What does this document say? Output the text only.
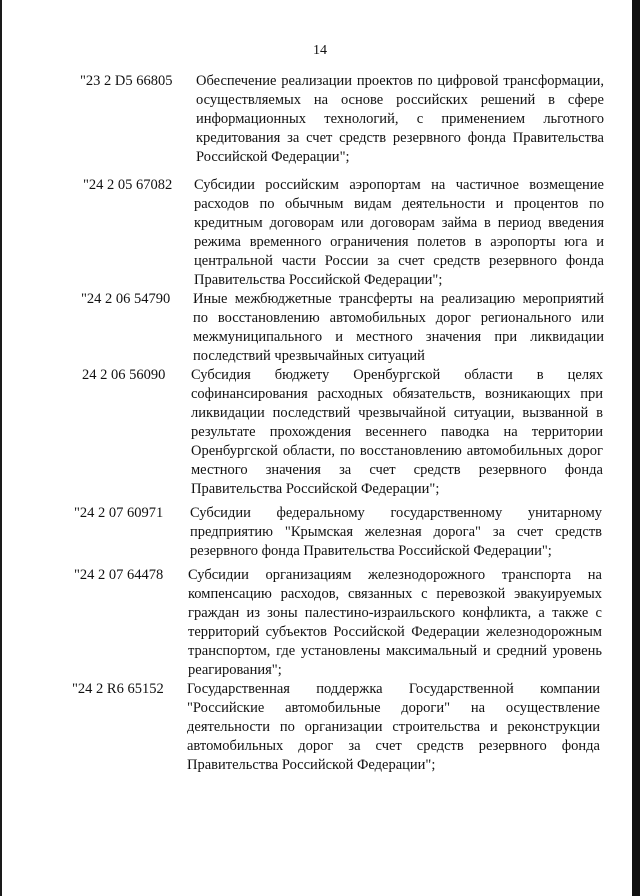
14
"23 2 D5 66805 Обеспечение реализации проектов по цифровой трансформации, осуществляемых на основе российских решений в сфере информационных технологий, с применением льготного кредитования за счет средств резервного фонда Правительства Российской Федерации";
"24 2 05 67082 Субсидии российским аэропортам на частичное возмещение расходов по обычным видам деятельности и процентов по кредитным договорам или договорам займа в период введения режима временного ограничения полетов в аэропорты юга и центральной части России за счет средств резервного фонда Правительства Российской Федерации";
"24 2 06 54790 Иные межбюджетные трансферты на реализацию мероприятий по восстановлению автомобильных дорог регионального или межмуниципального и местного значения при ликвидации последствий чрезвычайных ситуаций
24 2 06 56090 Субсидия бюджету Оренбургской области в целях софинансирования расходных обязательств, возникающих при ликвидации последствий чрезвычайной ситуации, вызванной в результате прохождения весеннего паводка на территории Оренбургской области, по восстановлению автомобильных дорог местного значения за счет средств резервного фонда Правительства Российской Федерации";
"24 2 07 60971 Субсидии федеральному государственному унитарному предприятию "Крымская железная дорога" за счет средств резервного фонда Правительства Российской Федерации";
"24 2 07 64478 Субсидии организациям железнодорожного транспорта на компенсацию расходов, связанных с перевозкой эвакуируемых граждан из зоны палестино-израильского конфликта, а также с территорий субъектов Российской Федерации железнодорожным транспортом, где установлены максимальный и средний уровень реагирования";
"24 2 R6 65152 Государственная поддержка Государственной компании "Российские автомобильные дороги" на осуществление деятельности по организации строительства и реконструкции автомобильных дорог за счет средств резервного фонда Правительства Российской Федерации";
